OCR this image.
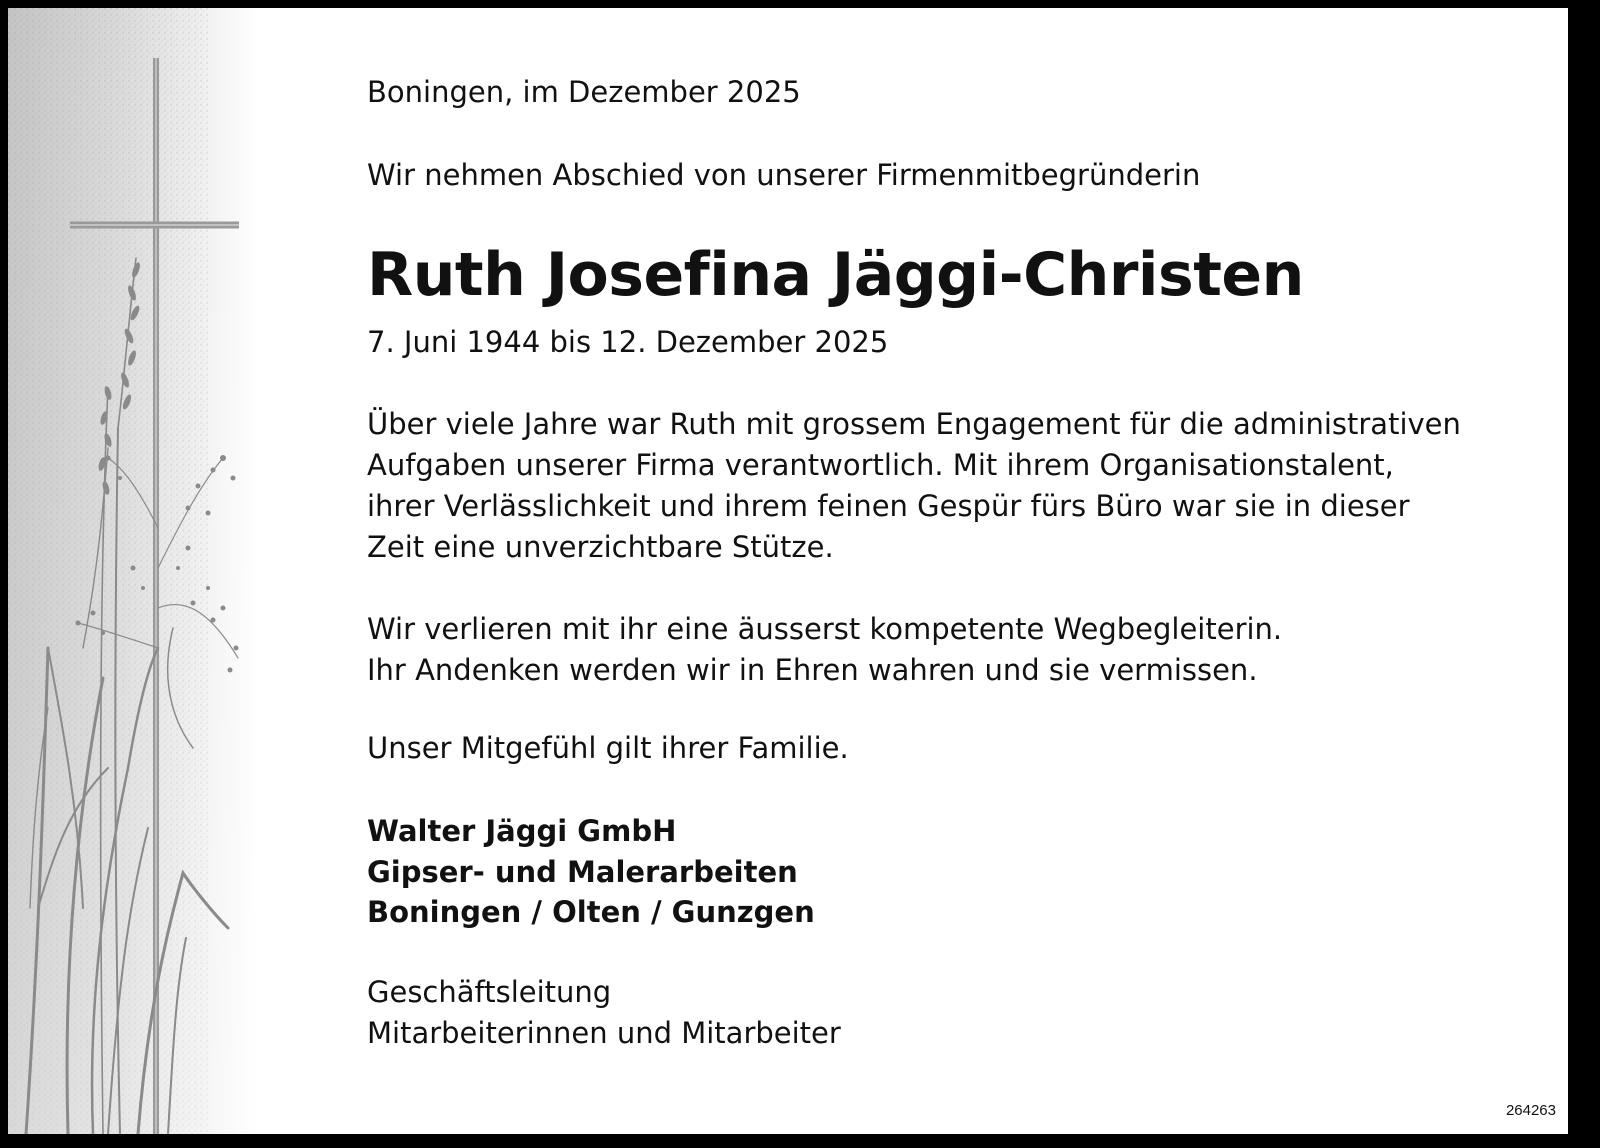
Boningen, im Dezember 2025

Wir nehmen Abschied von unserer Firmenmitbegründerin

Ruth Josefina Jäggi-Christen

7. Juni 1944 bis 12. Dezember 2025

Über viele Jahre war Ruth mit grossem Engagement für die administrativen
Aufgaben unserer Firma verantwortlich. Mit ihrem Organisationstalent,
ihrer Verlässlichkeit und ihrem feinen Gespür fürs Büro war sie in dieser
Zeit eine unverzichtbare Stütze.

Wir verlieren mit ihr eine äusserst kompetente Wegbegleiterin.
Ihr Andenken werden wir in Ehren wahren und sie vermissen.

Unser Mitgefühl gilt ihrer Familie.

Walter Jäggi GmbH
Gipser- und Malerarbeiten
Boningen / Olten / Gunzgen

Geschäftsleitung
Mitarbeiterinnen und Mitarbeiter

264263
